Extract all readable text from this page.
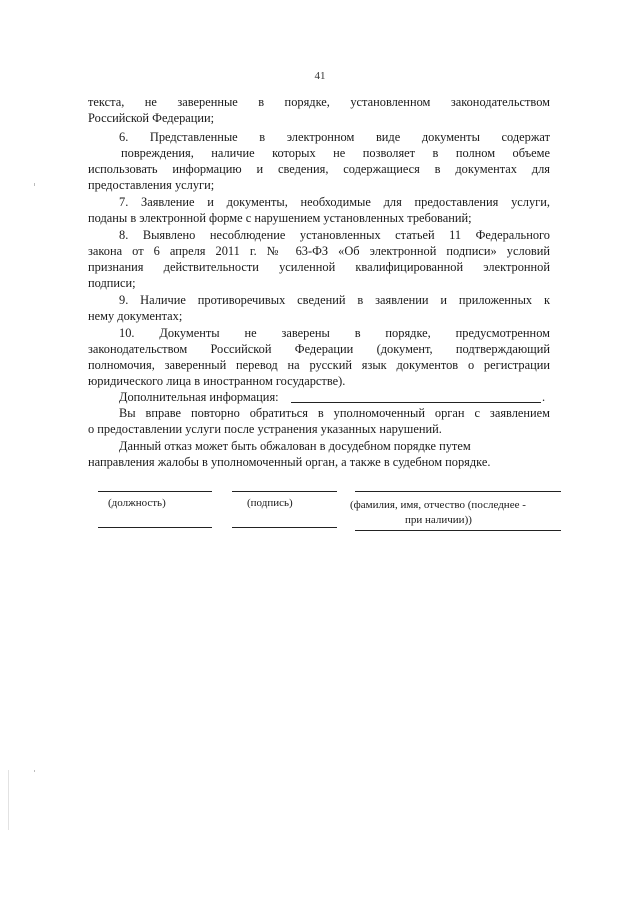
41
текста, не заверенные в порядке, установленном законодательством
Российской Федерации;
6. Представленные в электронном виде документы содержат
повреждения, наличие которых не позволяет в полном объеме
использовать информацию и сведения, содержащиеся в документах для
предоставления услуги;
7. Заявление и документы, необходимые для предоставления услуги,
поданы в электронной форме с нарушением установленных требований;
8. Выявлено несоблюдение установленных статьей 11 Федерального
закона от 6 апреля 2011 г. № 63-ФЗ «Об электронной подписи» условий
признания действительности усиленной квалифицированной электронной
подписи;
9. Наличие противоречивых сведений в заявлении и приложенных к
нему документах;
10. Документы не заверены в порядке, предусмотренном
законодательством Российской Федерации (документ, подтверждающий
полномочия, заверенный перевод на русский язык документов о регистрации
юридического лица в иностранном государстве).
Дополнительная информация:	.
Вы вправе повторно обратиться в уполномоченный орган с заявлением
о предоставлении услуги после устранения указанных нарушений.
Данный отказ может быть обжалован в досудебном порядке путем
направления жалобы в уполномоченный орган, а также в судебном порядке.
(должность)	(подпись)	(фамилия, имя, отчество (последнее -
при наличии))
